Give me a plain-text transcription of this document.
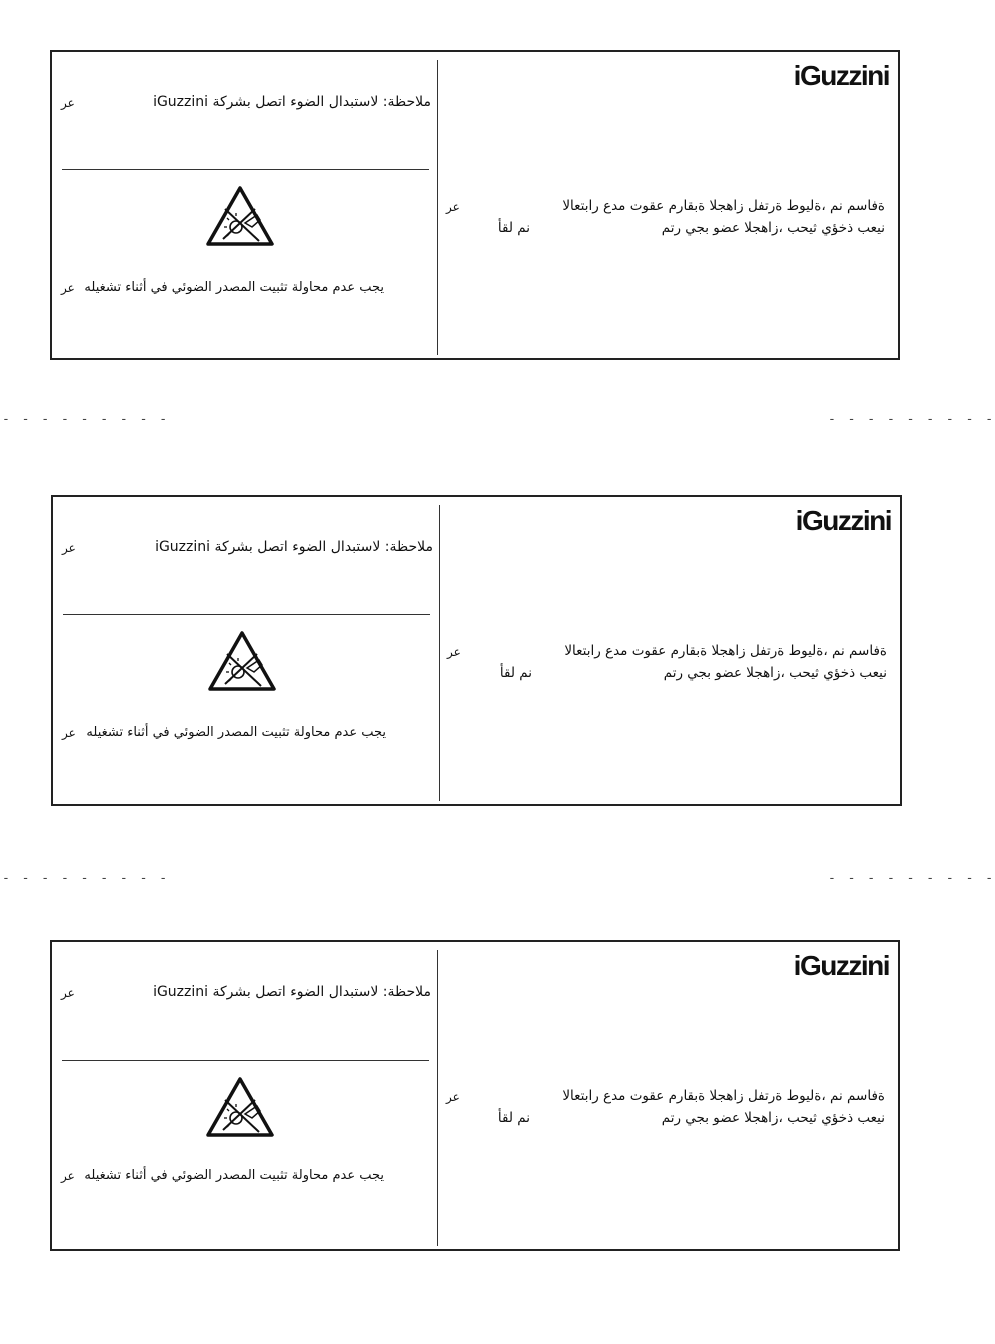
ملاحظة: لاستبدال الضوء اتصل بشركة iGuzzini
عر
يجب عدم محاولة تثبيت المصدر الضوئي في أثناء تشغيله
عر
iGuzzini
عر	ةفاسم نم ،ةليوط ةرتفل زاهجلا ةبقارم عقوت مدع رابتعالا
نيعب ذخؤي ثيحب ،زاهجلا عضو بجي رتم
نم لقأ
- - - - - - - - -	- - - - - - - - -
ملاحظة: لاستبدال الضوء اتصل بشركة iGuzzini
عر
يجب عدم محاولة تثبيت المصدر الضوئي في أثناء تشغيله
عر
iGuzzini
عر	ةفاسم نم ،ةليوط ةرتفل زاهجلا ةبقارم عقوت مدع رابتعالا
نيعب ذخؤي ثيحب ،زاهجلا عضو بجي رتم
نم لقأ
- - - - - - - - -	- - - - - - - - -
ملاحظة: لاستبدال الضوء اتصل بشركة iGuzzini
عر
يجب عدم محاولة تثبيت المصدر الضوئي في أثناء تشغيله
عر
iGuzzini
عر	ةفاسم نم ،ةليوط ةرتفل زاهجلا ةبقارم عقوت مدع رابتعالا
نيعب ذخؤي ثيحب ،زاهجلا عضو بجي رتم
نم لقأ
